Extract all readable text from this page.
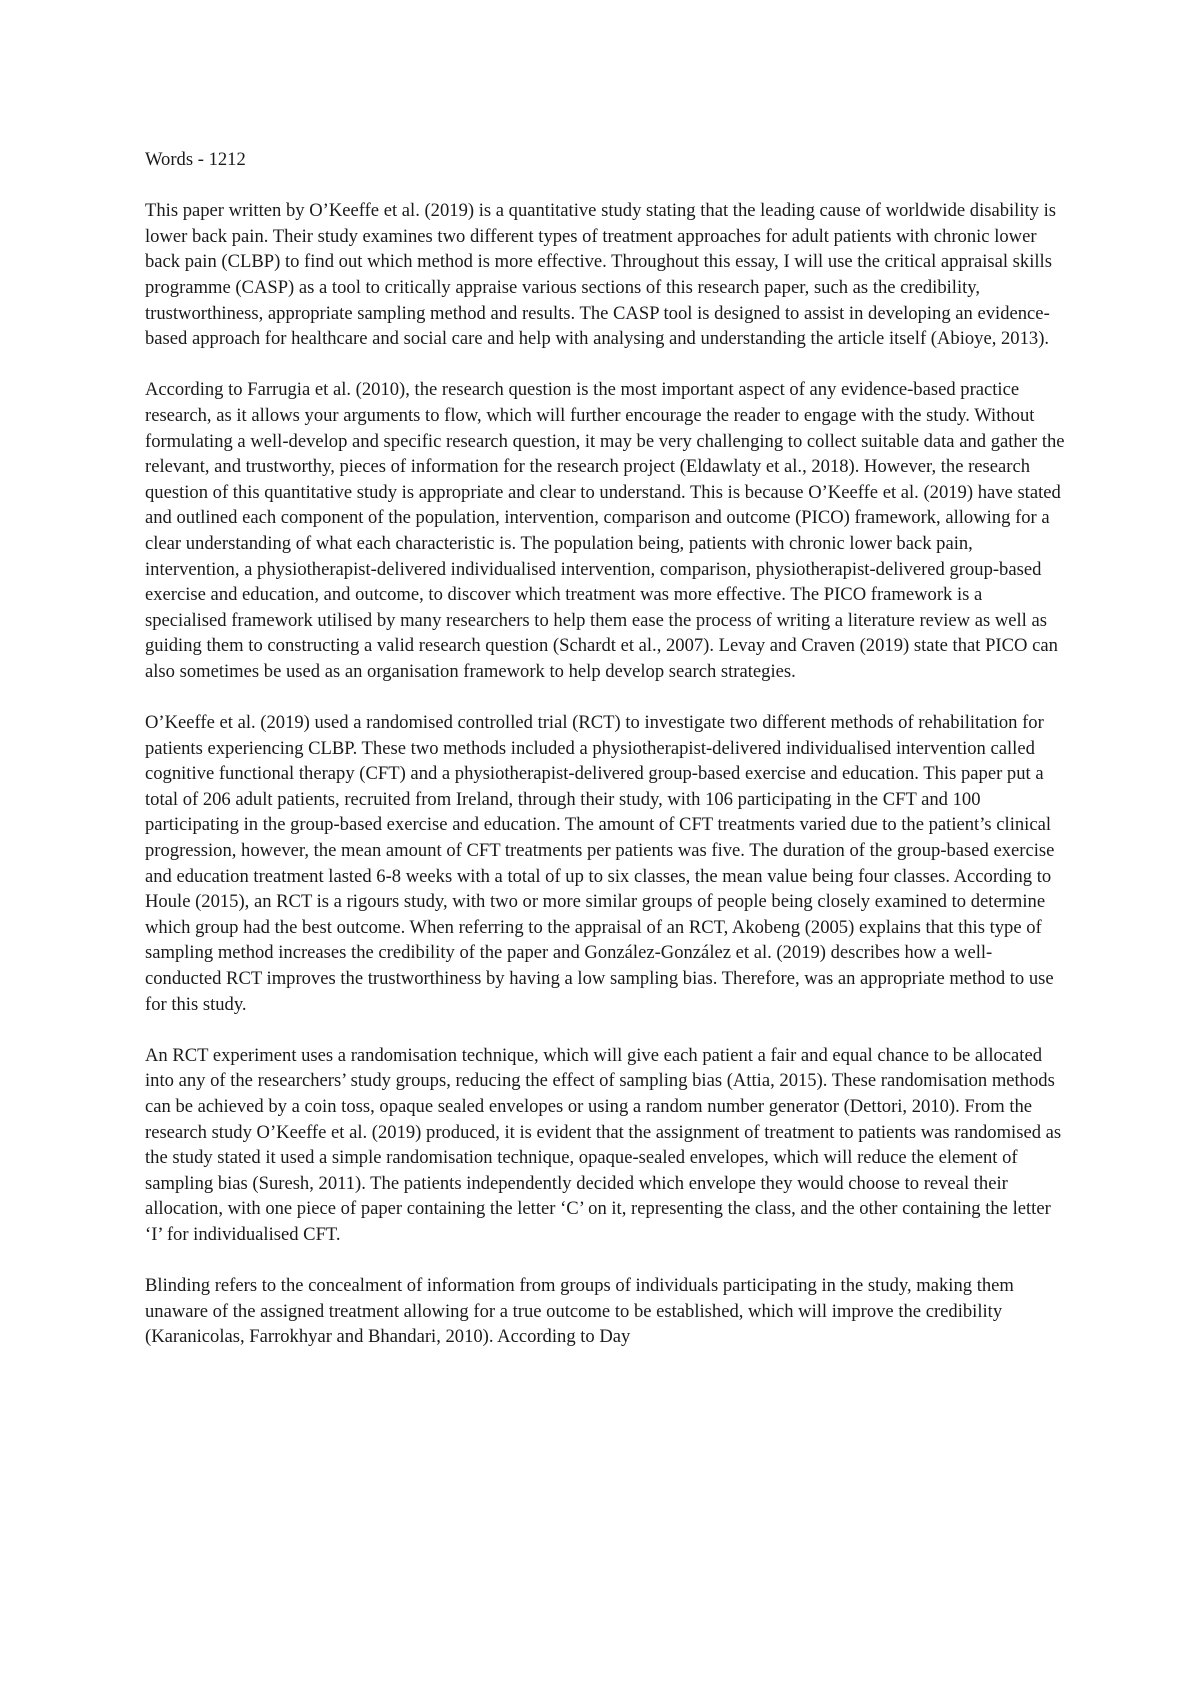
Words - 1212

This paper written by O’Keeffe et al. (2019) is a quantitative study stating that the leading cause of worldwide disability is lower back pain. Their study examines two different types of treatment approaches for adult patients with chronic lower back pain (CLBP) to find out which method is more effective. Throughout this essay, I will use the critical appraisal skills programme (CASP) as a tool to critically appraise various sections of this research paper, such as the credibility, trustworthiness, appropriate sampling method and results. The CASP tool is designed to assist in developing an evidence-based approach for healthcare and social care and help with analysing and understanding the article itself (Abioye, 2013).

According to Farrugia et al. (2010), the research question is the most important aspect of any evidence-based practice research, as it allows your arguments to flow, which will further encourage the reader to engage with the study. Without formulating a well-develop and specific research question, it may be very challenging to collect suitable data and gather the relevant, and trustworthy, pieces of information for the research project (Eldawlaty et al., 2018). However, the research question of this quantitative study is appropriate and clear to understand. This is because O’Keeffe et al. (2019) have stated and outlined each component of the population, intervention, comparison and outcome (PICO) framework, allowing for a clear understanding of what each characteristic is. The population being, patients with chronic lower back pain, intervention, a physiotherapist-delivered individualised intervention, comparison, physiotherapist-delivered group-based exercise and education, and outcome, to discover which treatment was more effective. The PICO framework is a specialised framework utilised by many researchers to help them ease the process of writing a literature review as well as guiding them to constructing a valid research question (Schardt et al., 2007). Levay and Craven (2019) state that PICO can also sometimes be used as an organisation framework to help develop search strategies.

O’Keeffe et al. (2019) used a randomised controlled trial (RCT) to investigate two different methods of rehabilitation for patients experiencing CLBP. These two methods included a physiotherapist-delivered individualised intervention called cognitive functional therapy (CFT) and a physiotherapist-delivered group-based exercise and education. This paper put a total of 206 adult patients, recruited from Ireland, through their study, with 106 participating in the CFT and 100 participating in the group-based exercise and education. The amount of CFT treatments varied due to the patient’s clinical progression, however, the mean amount of CFT treatments per patients was five. The duration of the group-based exercise and education treatment lasted 6-8 weeks with a total of up to six classes, the mean value being four classes. According to Houle (2015), an RCT is a rigours study, with two or more similar groups of people being closely examined to determine which group had the best outcome. When referring to the appraisal of an RCT, Akobeng (2005) explains that this type of sampling method increases the credibility of the paper and González-González et al. (2019) describes how a well-conducted RCT improves the trustworthiness by having a low sampling bias. Therefore, was an appropriate method to use for this study.

An RCT experiment uses a randomisation technique, which will give each patient a fair and equal chance to be allocated into any of the researchers’ study groups, reducing the effect of sampling bias (Attia, 2015). These randomisation methods can be achieved by a coin toss, opaque sealed envelopes or using a random number generator (Dettori, 2010). From the research study O’Keeffe et al. (2019) produced, it is evident that the assignment of treatment to patients was randomised as the study stated it used a simple randomisation technique, opaque-sealed envelopes, which will reduce the element of sampling bias (Suresh, 2011). The patients independently decided which envelope they would choose to reveal their allocation, with one piece of paper containing the letter ‘C’ on it, representing the class, and the other containing the letter ‘I’ for individualised CFT.

Blinding refers to the concealment of information from groups of individuals participating in the study, making them unaware of the assigned treatment allowing for a true outcome to be established, which will improve the credibility (Karanicolas, Farrokhyar and Bhandari, 2010). According to Day
